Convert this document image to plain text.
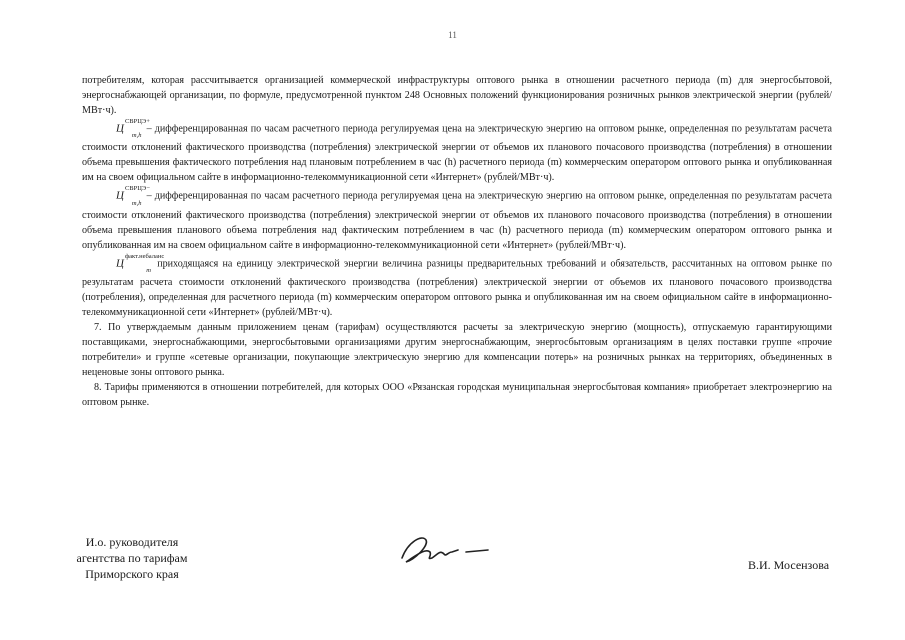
11

потребителям, которая рассчитывается организацией коммерческой инфраструктуры оптового рынка в отношении расчетного периода (m) для энергосбытовой, энергоснабжающей организации, по формуле, предусмотренной пунктом 248 Основных положений функционирования розничных рынков электрической энергии (рублей/МВт·ч).

$Ц^{СВРЦЭ+}_{m,h}$ – дифференцированная по часам расчетного периода регулируемая цена на электрическую энергию на оптовом рынке, определенная по результатам расчета стоимости отклонений фактического производства (потребления) электрической энергии от объемов их планового почасового производства (потребления) в отношении объема превышения фактического потребления над плановым потреблением в час (h) расчетного периода (m) коммерческим оператором оптового рынка и опубликованная им на своем официальном сайте в информационно-телекоммуникационной сети «Интернет» (рублей/МВт·ч).

$Ц^{СВРЦЭ-}_{m,h}$ – дифференцированная по часам расчетного периода регулируемая цена на электрическую энергию на оптовом рынке, определенная по результатам расчета стоимости отклонений фактического производства (потребления) электрической энергии от объемов их планового почасового производства (потребления) в отношении объема превышения планового объема потребления над фактическим потреблением в час (h) расчетного периода (m) коммерческим оператором оптового рынка и опубликованная им на своем официальном сайте в информационно-телекоммуникационной сети «Интернет» (рублей/МВт·ч).

$Ц^{факт.небаланс}_m$ приходящаяся на единицу электрической энергии величина разницы предварительных требований и обязательств, рассчитанных на оптовом рынке по результатам расчета стоимости отклонений фактического производства (потребления) электрической энергии от объемов их планового почасового производства (потребления), определенная для расчетного периода (m) коммерческим оператором оптового рынка и опубликованная им на своем официальном сайте в информационно-телекоммуникационной сети «Интернет» (рублей/МВт·ч).

7. По утверждаемым данным приложением ценам (тарифам) осуществляются расчеты за электрическую энергию (мощность), отпускаемую гарантирующими поставщиками, энергоснабжающими, энергосбытовыми организациями другим энергоснабжающим, энергосбытовым организациям в целях поставки группе «прочие потребители» и группе «сетевые организации, покупающие электрическую энергию для компенсации потерь» на розничных рынках на территориях, объединенных в неценовые зоны оптового рынка.

8. Тарифы применяются в отношении потребителей, для которых ООО «Рязанская городская муниципальная энергосбытовая компания» приобретает электроэнергию на оптовом рынке.

И.о. руководителя
агентства по тарифам
Приморского края
В.И. Мосензова
